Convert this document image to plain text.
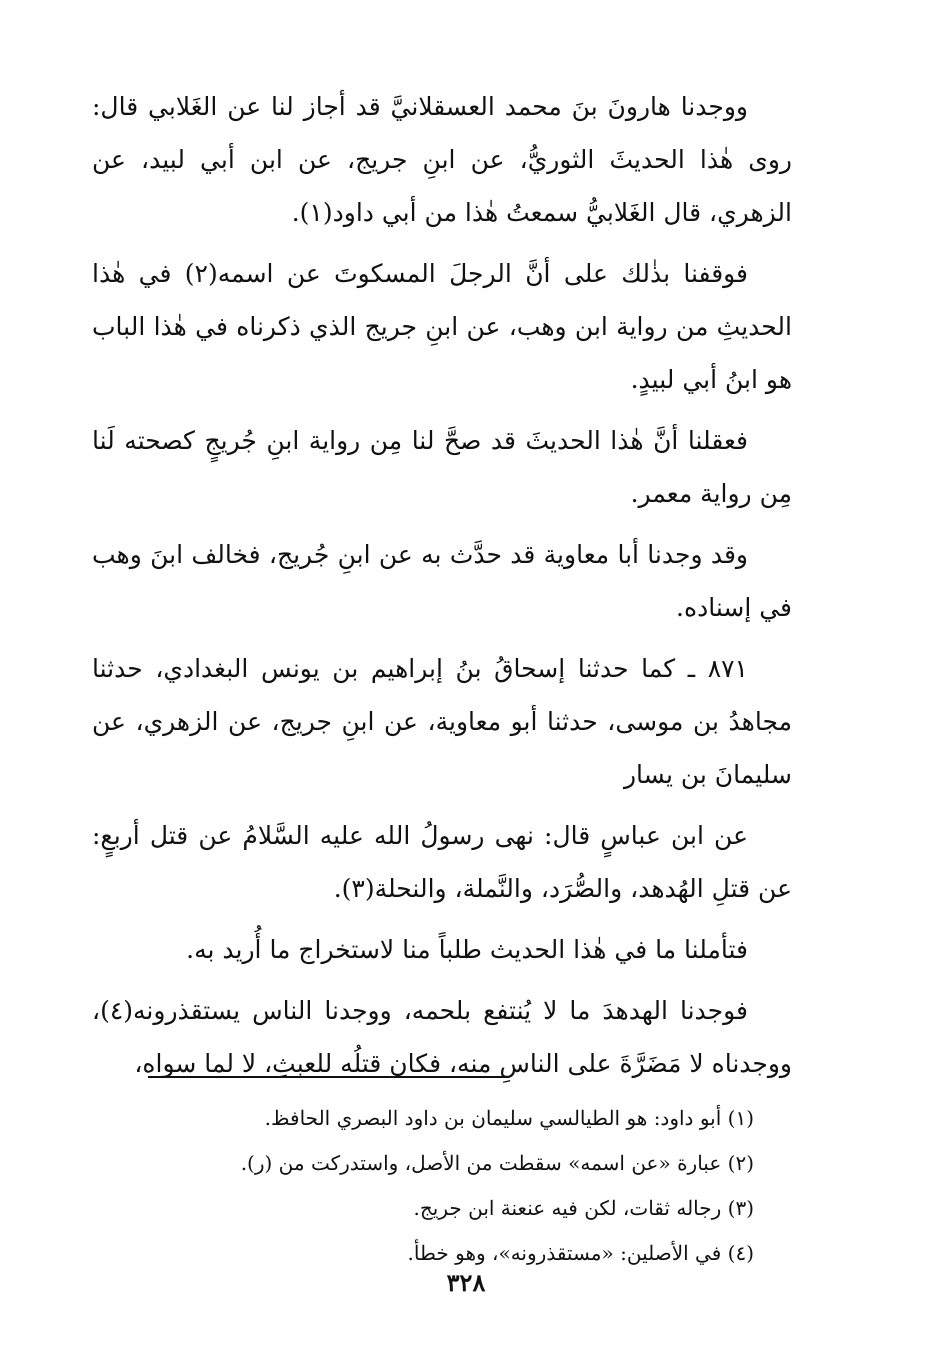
ووجدنا هارونَ بنَ محمد العسقلانيَّ قد أجاز لنا عن الغَلابي قال: روى هٰذا الحديثَ الثوريُّ، عن ابنِ جريج، عن ابن أبي لبيد، عن الزهري، قال الغَلابيُّ سمعتُ هٰذا من أبي داود(١).

فوقفنا بذٰلك على أنَّ الرجلَ المسكوتَ عن اسمه(٢) في هٰذا الحديثِ من رواية ابن وهب، عن ابنِ جريج الذي ذكرناه في هٰذا الباب هو ابنُ أبي لبيدٍ.

فعقلنا أنَّ هٰذا الحديثَ قد صحَّ لنا مِن رواية ابنِ جُريجٍ كصحته لَنا مِن رواية معمر.

وقد وجدنا أبا معاوية قد حدَّث به عن ابنِ جُريج، فخالف ابنَ وهب في إسناده.

٨٧١ ـ كما حدثنا إسحاقُ بنُ إبراهيم بن يونس البغدادي، حدثنا مجاهدُ بن موسى، حدثنا أبو معاوية، عن ابنِ جريج، عن الزهري، عن سليمانَ بن يسار

عن ابن عباسٍ قال: نهى رسولُ الله عليه السَّلامُ عن قتل أربعٍ: عن قتلِ الهُدهد، والصُّرَد، والنَّملة، والنحلة(٣).

فتأملنا ما في هٰذا الحديث طلباً منا لاستخراج ما أُريد به.

فوجدنا الهدهدَ ما لا يُنتفع بلحمه، ووجدنا الناس يستقذرونه(٤)، ووجدناه لا مَضَرَّةَ على الناسِ منه، فكان قتلُه للعبثِ، لا لما سواه،

(١) أبو داود: هو الطيالسي سليمان بن داود البصري الحافظ.

(٢) عبارة «عن اسمه» سقطت من الأصل، واستدركت من (ر).

(٣) رجاله ثقات، لكن فيه عنعنة ابن جريج.

(٤) في الأصلين: «مستقذرونه»، وهو خطأ.

٣٢٨
